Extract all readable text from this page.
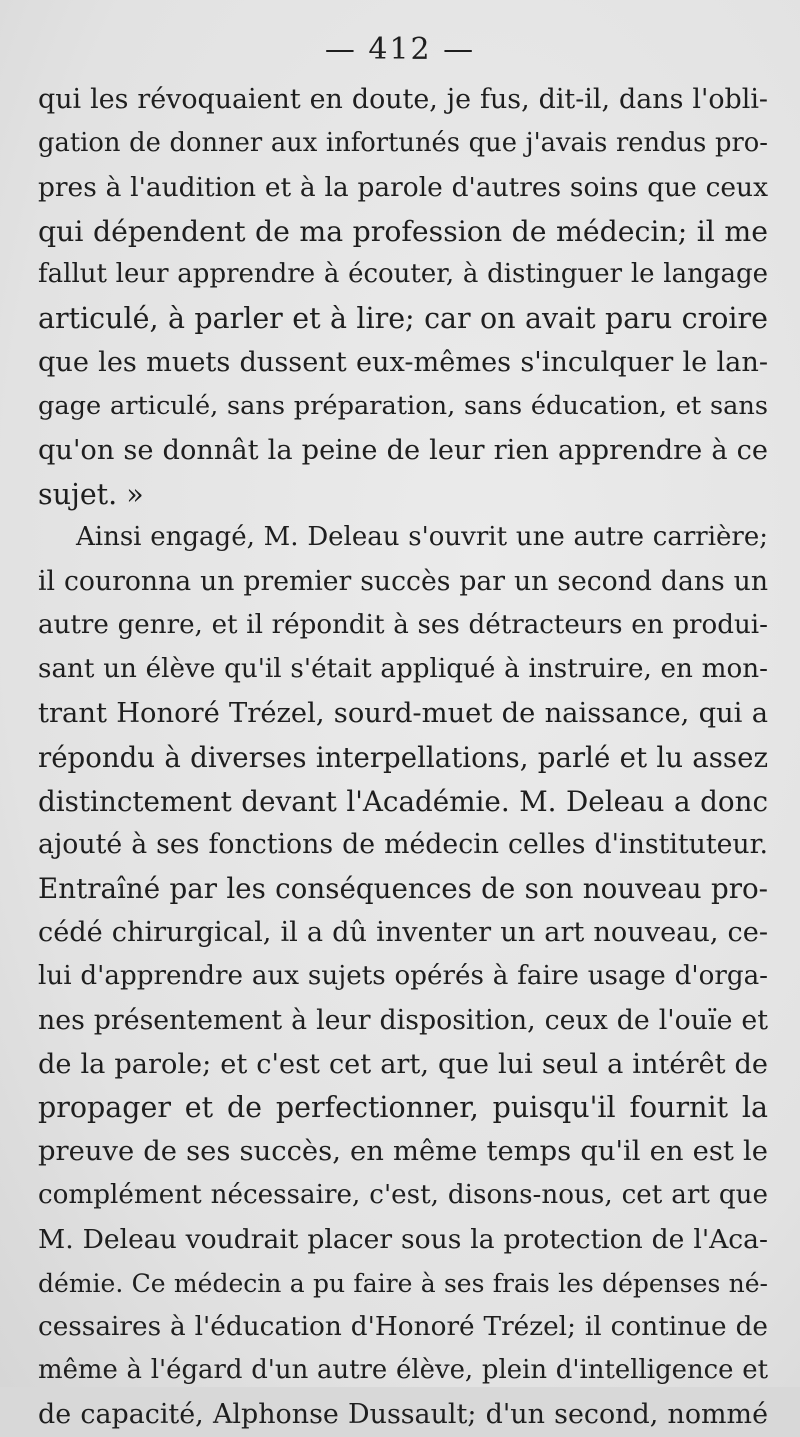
— 412 —
qui les révoquaient en doute, je fus, dit-il, dans l'obli-
gation de donner aux infortunés que j'avais rendus pro-
pres à l'audition et à la parole d'autres soins que ceux
qui dépendent de ma profession de médecin; il me
fallut leur apprendre à écouter, à distinguer le langage
articulé, à parler et à lire; car on avait paru croire
que les muets dussent eux-mêmes s'inculquer le lan-
gage articulé, sans préparation, sans éducation, et sans
qu'on se donnât la peine de leur rien apprendre à ce
sujet. »
Ainsi engagé, M. Deleau s'ouvrit une autre carrière;
il couronna un premier succès par un second dans un
autre genre, et il répondit à ses détracteurs en produi-
sant un élève qu'il s'était appliqué à instruire, en mon-
trant Honoré Trézel, sourd-muet de naissance, qui a
répondu à diverses interpellations, parlé et lu assez
distinctement devant l'Académie. M. Deleau a donc
ajouté à ses fonctions de médecin celles d'instituteur.
Entraîné par les conséquences de son nouveau pro-
cédé chirurgical, il a dû inventer un art nouveau, ce-
lui d'apprendre aux sujets opérés à faire usage d'orga-
nes présentement à leur disposition, ceux de l'ouïe et
de la parole; et c'est cet art, que lui seul a intérêt de
propager et de perfectionner, puisqu'il fournit la
preuve de ses succès, en même temps qu'il en est le
complément nécessaire, c'est, disons-nous, cet art que
M. Deleau voudrait placer sous la protection de l'Aca-
démie. Ce médecin a pu faire à ses frais les dépenses né-
cessaires à l'éducation d'Honoré Trézel; il continue de
même à l'égard d'un autre élève, plein d'intelligence et
de capacité, Alphonse Dussault; d'un second, nommé
